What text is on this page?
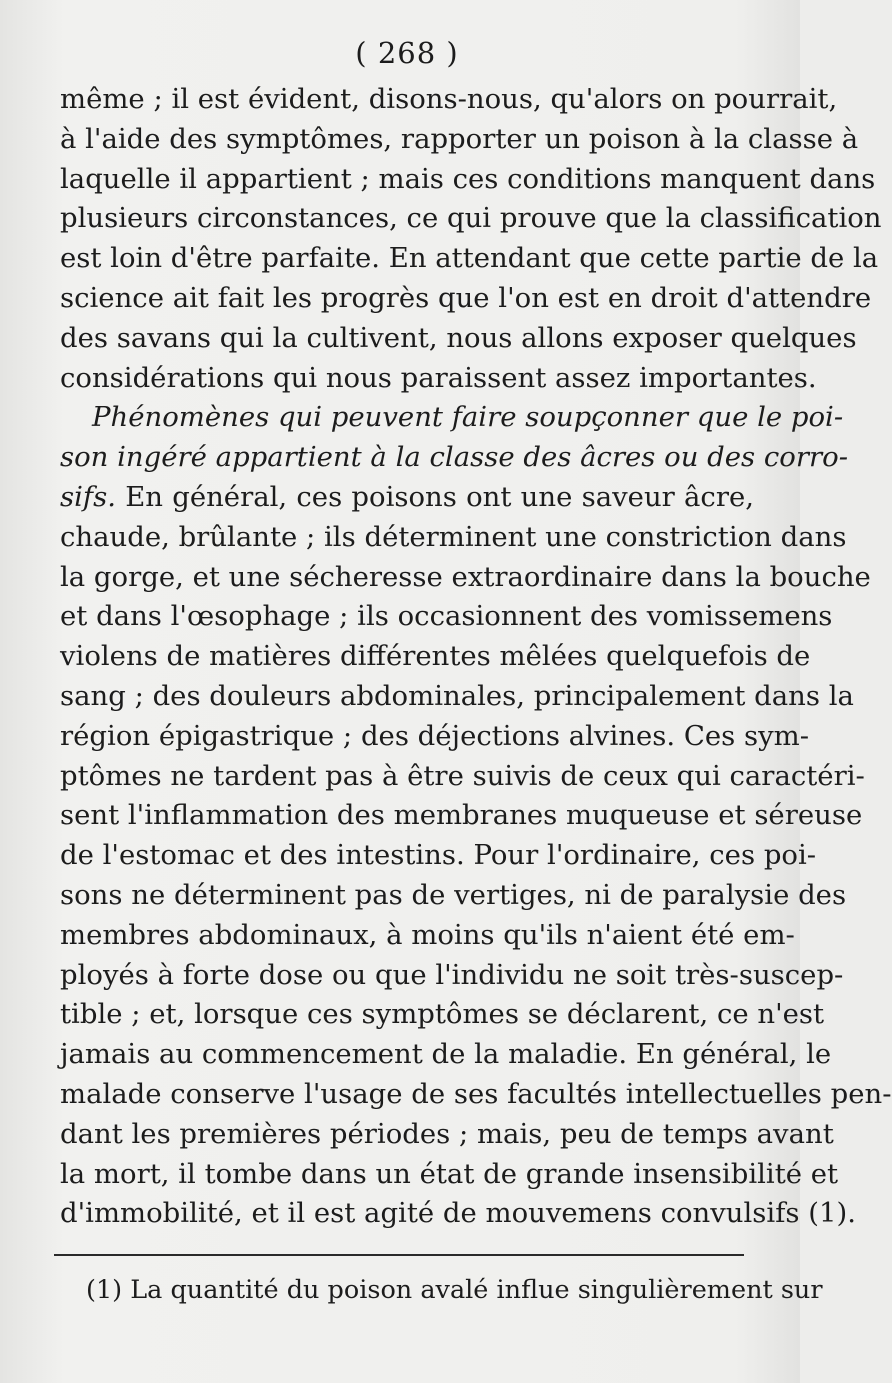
( 268 )

même ; il est évident, disons-nous, qu'alors on pourrait,

à l'aide des symptômes, rapporter un poison à la classe à

laquelle il appartient ; mais ces conditions manquent dans

plusieurs circonstances, ce qui prouve que la classification

est loin d'être parfaite. En attendant que cette partie de la

science ait fait les progrès que l'on est en droit d'attendre

des savans qui la cultivent, nous allons exposer quelques

considérations qui nous paraissent assez importantes.

Phénomènes qui peuvent faire soupçonner que le poi-

son ingéré appartient à la classe des âcres ou des corro-

sifs. En général, ces poisons ont une saveur âcre,

chaude, brûlante ; ils déterminent une constriction dans

la gorge, et une sécheresse extraordinaire dans la bouche

et dans l'œsophage ; ils occasionnent des vomissemens

violens de matières différentes mêlées quelquefois de

sang ; des douleurs abdominales, principalement dans la

région épigastrique ; des déjections alvines. Ces sym-

ptômes ne tardent pas à être suivis de ceux qui caractéri-

sent l'inflammation des membranes muqueuse et séreuse

de l'estomac et des intestins. Pour l'ordinaire, ces poi-

sons ne déterminent pas de vertiges, ni de paralysie des

membres abdominaux, à moins qu'ils n'aient été em-

ployés à forte dose ou que l'individu ne soit très-suscep-

tible ; et, lorsque ces symptômes se déclarent, ce n'est

jamais au commencement de la maladie. En général, le

malade conserve l'usage de ses facultés intellectuelles pen-

dant les premières périodes ; mais, peu de temps avant

la mort, il tombe dans un état de grande insensibilité et

d'immobilité, et il est agité de mouvemens convulsifs (1).

(1) La quantité du poison avalé influe singulièrement sur
